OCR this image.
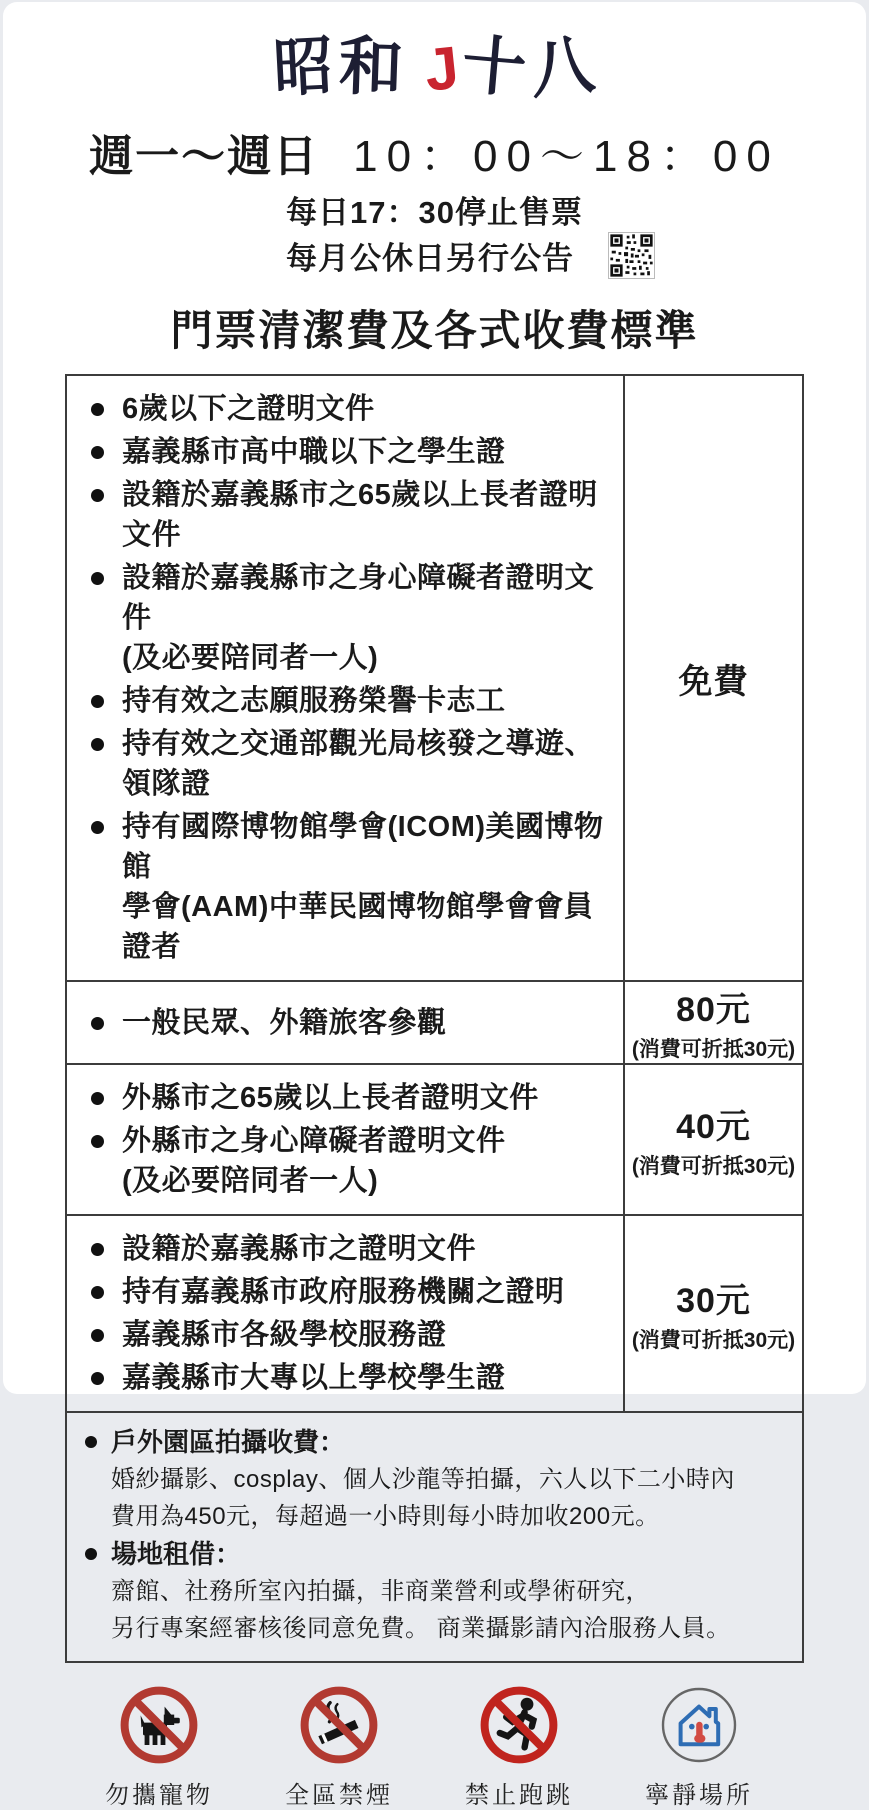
昭和 J十八
週一～週日 10：00～18：00
每日17：30停止售票
每月公休日另行公告
門票清潔費及各式收費標準
6歲以下之證明文件
嘉義縣市高中職以下之學生證
設籍於嘉義縣市之65歲以上長者證明文件
設籍於嘉義縣市之身心障礙者證明文件
(及必要陪同者一人)
持有效之志願服務榮譽卡志工
持有效之交通部觀光局核發之導遊、領隊證
持有國際博物館學會(ICOM)美國博物館
學會(AAM)中華民國博物館學會會員證者
免費
一般民眾、外籍旅客參觀	80元
(消費可折抵30元)
外縣市之65歲以上長者證明文件
外縣市之身心障礙者證明文件
(及必要陪同者一人)
40元
(消費可折抵30元)
設籍於嘉義縣市之證明文件
持有嘉義縣市政府服務機關之證明
嘉義縣市各級學校服務證
嘉義縣市大專以上學校學生證
30元
(消費可折抵30元)
戶外園區拍攝收費：
婚紗攝影、cosplay、個人沙龍等拍攝，六人以下二小時內
費用為450元，每超過一小時則每小時加收200元。
場地租借：
齋館、社務所室內拍攝，非商業營利或學術研究，
另行專案經審核後同意免費。 商業攝影請內洽服務人員。
勿攜寵物	全區禁煙	禁止跑跳	寧靜場所
